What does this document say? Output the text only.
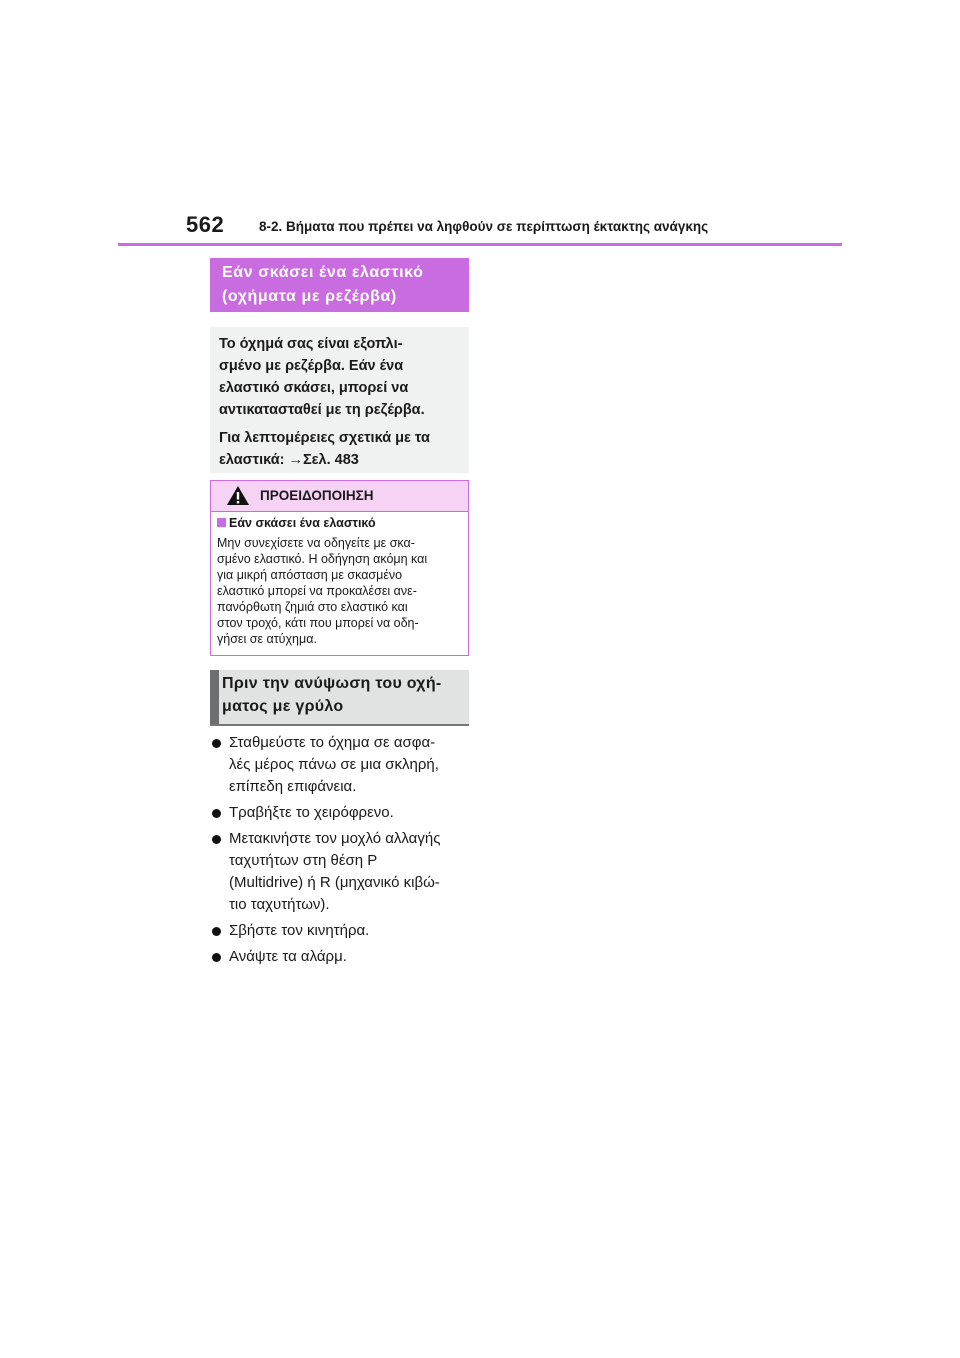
562	8-2. Βήματα που πρέπει να ληφθούν σε περίπτωση έκτακτης ανάγκης
Εάν σκάσει ένα ελαστικό
(οχήματα με ρεζέρβα)

Το όχημά σας είναι εξοπλι-
σμένο με ρεζέρβα. Εάν ένα
ελαστικό σκάσει, μπορεί να
αντικατασταθεί με τη ρεζέρβα.

Για λεπτομέρειες σχετικά με τα
ελαστικά: →Σελ. 483

ΠΡΟΕΙΔΟΠΟΙΗΣΗ
Εάν σκάσει ένα ελαστικό
Μην συνεχίσετε να οδηγείτε με σκα-
σμένο ελαστικό. Η οδήγηση ακόμη και
για μικρή απόσταση με σκασμένο
ελαστικό μπορεί να προκαλέσει ανε-
πανόρθωτη ζημιά στο ελαστικό και
στον τροχό, κάτι που μπορεί να οδη-
γήσει σε ατύχημα.
Πριν την ανύψωση του οχή-
ματος με γρύλο
Σταθμεύστε το όχημα σε ασφα-
λές μέρος πάνω σε μια σκληρή,
επίπεδη επιφάνεια.
Τραβήξτε το χειρόφρενο.
Μετακινήστε τον μοχλό αλλαγής
ταχυτήτων στη θέση P
(Multidrive) ή R (μηχανικό κιβώ-
τιο ταχυτήτων).
Σβήστε τον κινητήρα.
Ανάψτε τα αλάρμ.
